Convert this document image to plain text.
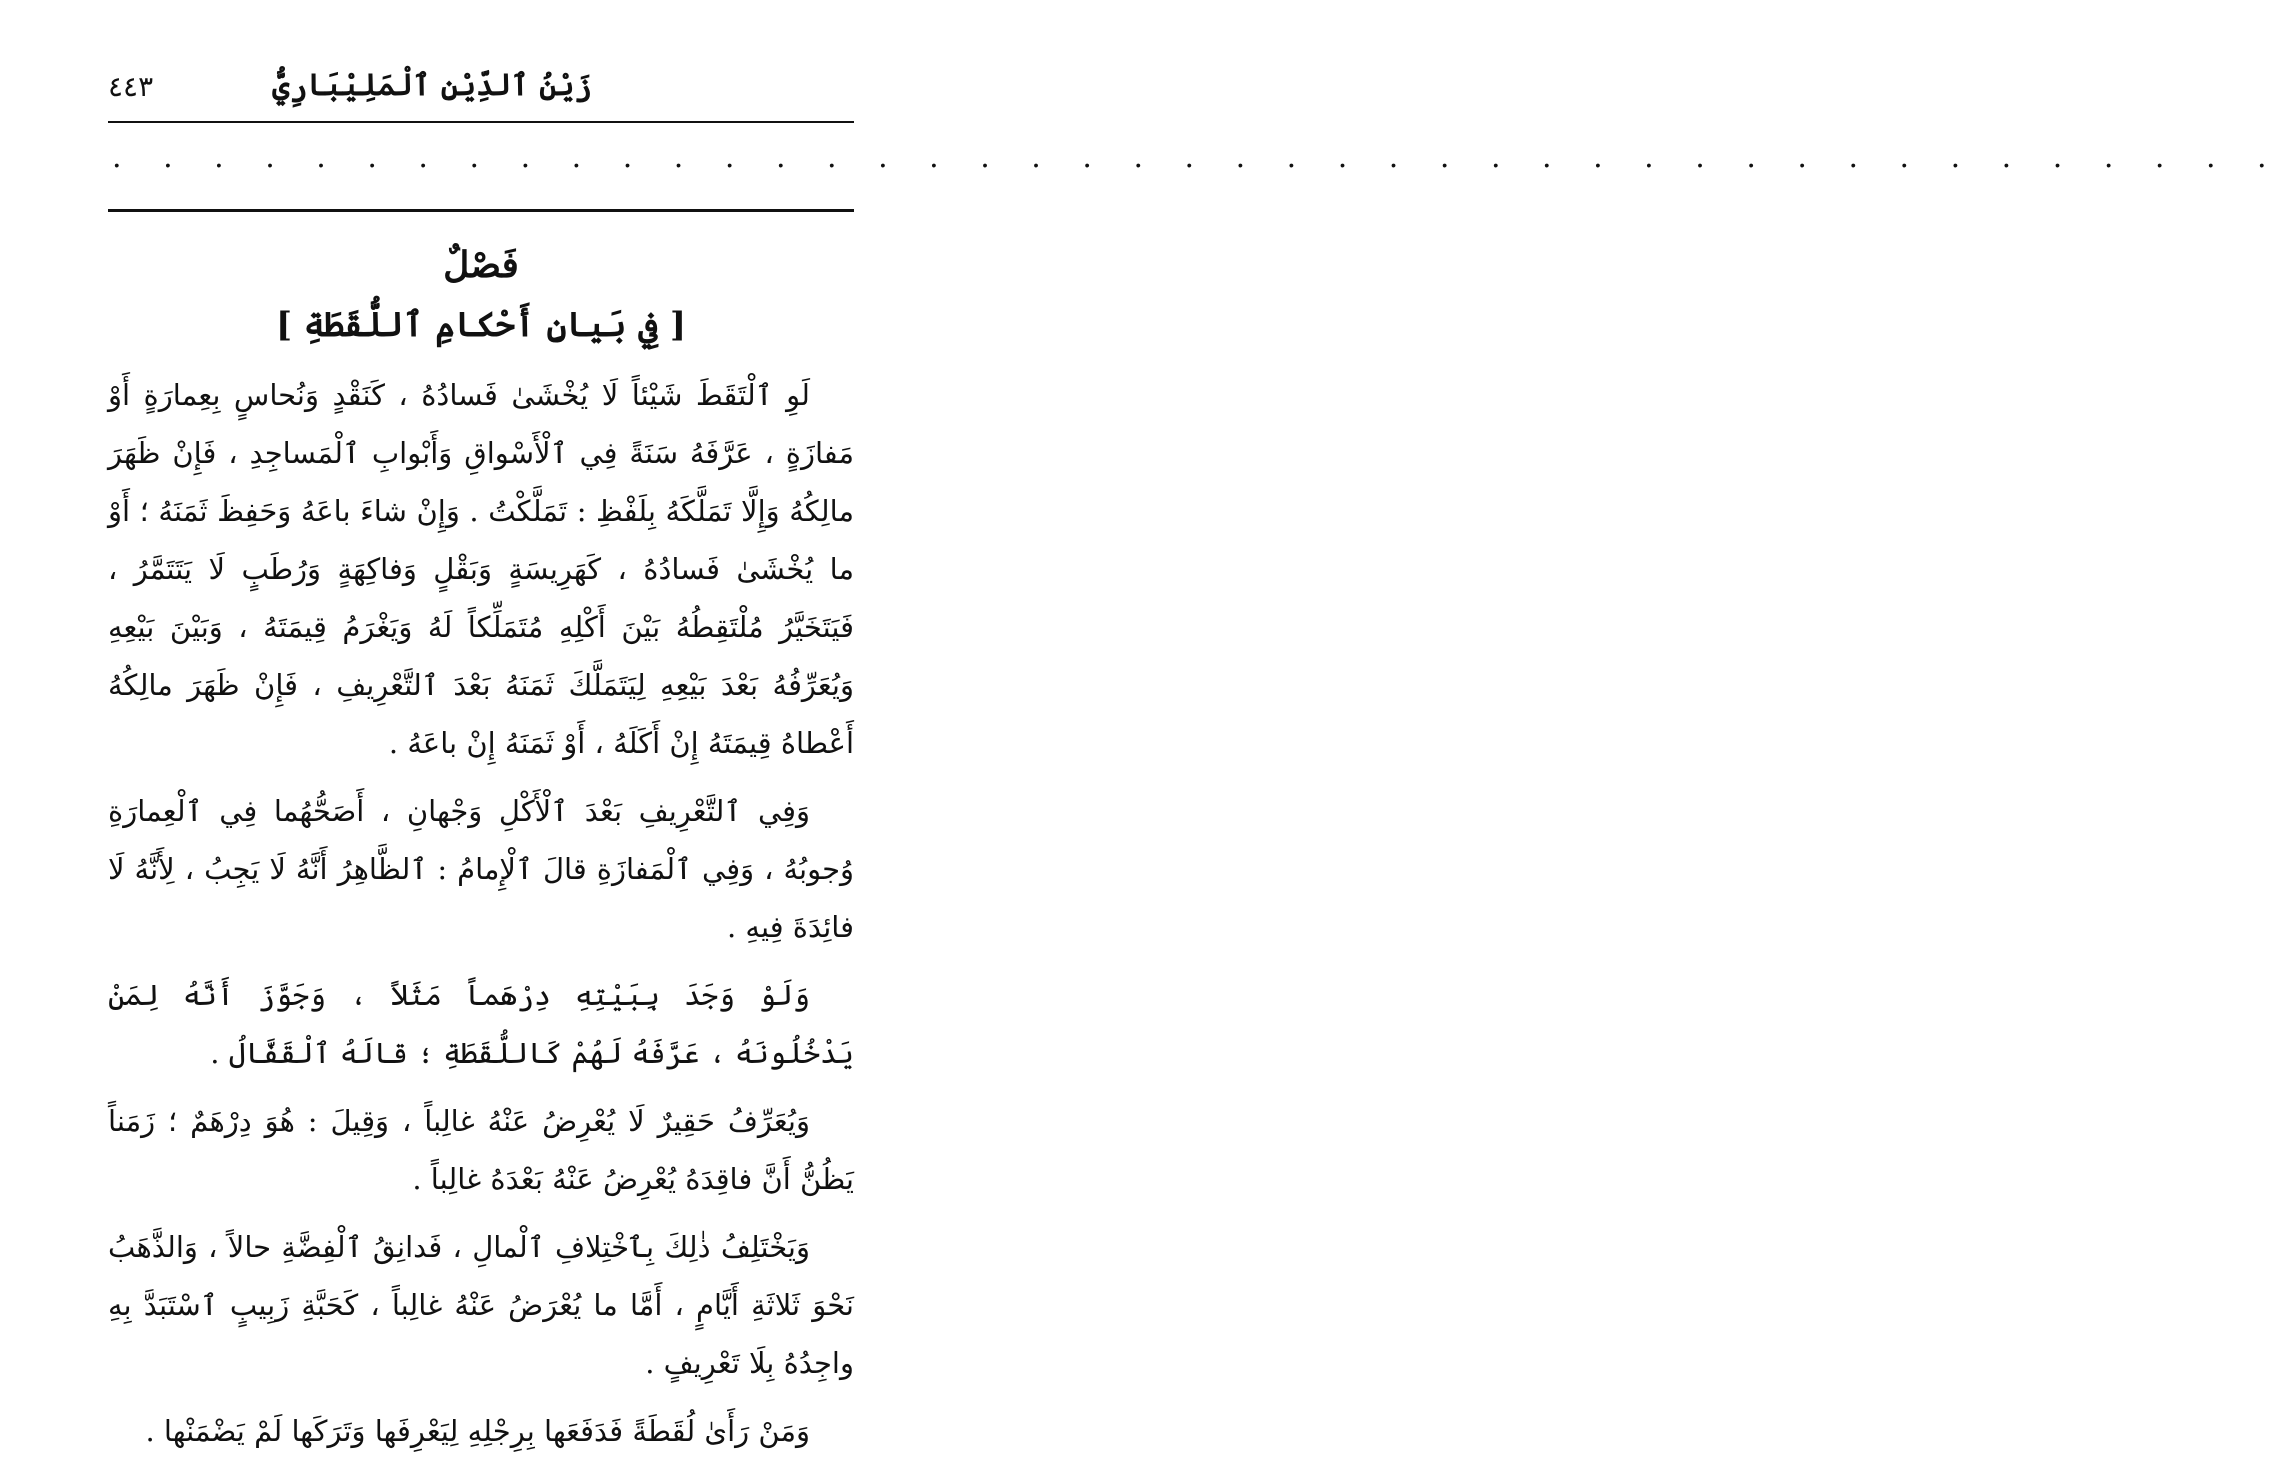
زَيْنُ ٱلدِّيْنِ ٱلْمَلِيْبَارِيُّ
٤٤٣
. . . . . . . . . . . . . . . . . . . . . . . . . . . . . . . . . . . . . . . . . . .
فَصْلٌ
[ فِي بَيانِ أَحْكامِ ٱللُّقَطَةِ ]

لَوِ ٱلْتَقَطَ شَيْئاً لَا يُخْشَىٰ فَسادُهُ ، كَنَقْدٍ وَنُحاسٍ بِعِمارَةٍ أَوْ مَفازَةٍ ، عَرَّفَهُ سَنَةً فِي ٱلْأَسْواقِ وَأَبْوابِ ٱلْمَساجِدِ ، فَإِنْ ظَهَرَ مالِكُهُ وَإِلَّا تَمَلَّكَهُ بِلَفْظِ : تَمَلَّكْتُ . وَإِنْ شاءَ باعَهُ وَحَفِظَ ثَمَنَهُ ؛ أَوْ ما يُخْشَىٰ فَسادُهُ ، كَهَرِيسَةٍ وَبَقْلٍ وَفاكِهَةٍ وَرُطَبٍ لَا يَتَتَمَّرُ ، فَيَتَخَيَّرُ مُلْتَقِطُهُ بَيْنَ أَكْلِهِ مُتَمَلِّكاً لَهُ وَيَغْرَمُ قِيمَتَهُ ، وَبَيْنَ بَيْعِهِ وَيُعَرِّفُهُ بَعْدَ بَيْعِهِ لِيَتَمَلَّكَ ثَمَنَهُ بَعْدَ ٱلتَّعْرِيفِ ، فَإِنْ ظَهَرَ مالِكُهُ أَعْطاهُ قِيمَتَهُ إِنْ أَكَلَهُ ، أَوْ ثَمَنَهُ إِنْ باعَهُ .

وَفِي ٱلتَّعْرِيفِ بَعْدَ ٱلْأَكْلِ وَجْهانِ ، أَصَحُّهُما فِي ٱلْعِمارَةِ وُجوبُهُ ، وَفِي ٱلْمَفازَةِ قالَ ٱلْإِمامُ : ٱلظَّاهِرُ أَنَّهُ لَا يَجِبُ ، لِأَنَّهُ لَا فائِدَةَ فِيهِ .

وَلَوْ وَجَدَ بِبَيْتِهِ دِرْهَماً مَثَلاً ، وَجَوَّزَ أَنَّهُ لِمَنْ يَدْخُلُونَهُ ، عَرَّفَهُ لَهُمْ كَاللُّقَطَةِ ؛ قالَهُ ٱلْقَفَّالُ .

وَيُعَرِّفُ حَقِيرٌ لَا يُعْرِضُ عَنْهُ غالِباً ، وَقِيلَ : هُوَ دِرْهَمٌ ؛ زَمَناً يَظُنُّ أَنَّ فاقِدَهُ يُعْرِضُ عَنْهُ بَعْدَهُ غالِباً .

وَيَخْتَلِفُ ذٰلِكَ بِٱخْتِلافِ ٱلْمالِ ، فَدانِقُ ٱلْفِضَّةِ حالاً ، وَالذَّهَبُ نَحْوَ ثَلاثَةِ أَيَّامٍ ، أَمَّا ما يُعْرَضُ عَنْهُ غالِباً ، كَحَبَّةِ زَبِيبٍ ٱسْتَبَدَّ بِهِ واجِدُهُ بِلَا تَعْرِيفٍ .

وَمَنْ رَأَىٰ لُقَطَةً فَدَفَعَها بِرِجْلِهِ لِيَعْرِفَها وَتَرَكَها لَمْ يَضْمَنْها .
